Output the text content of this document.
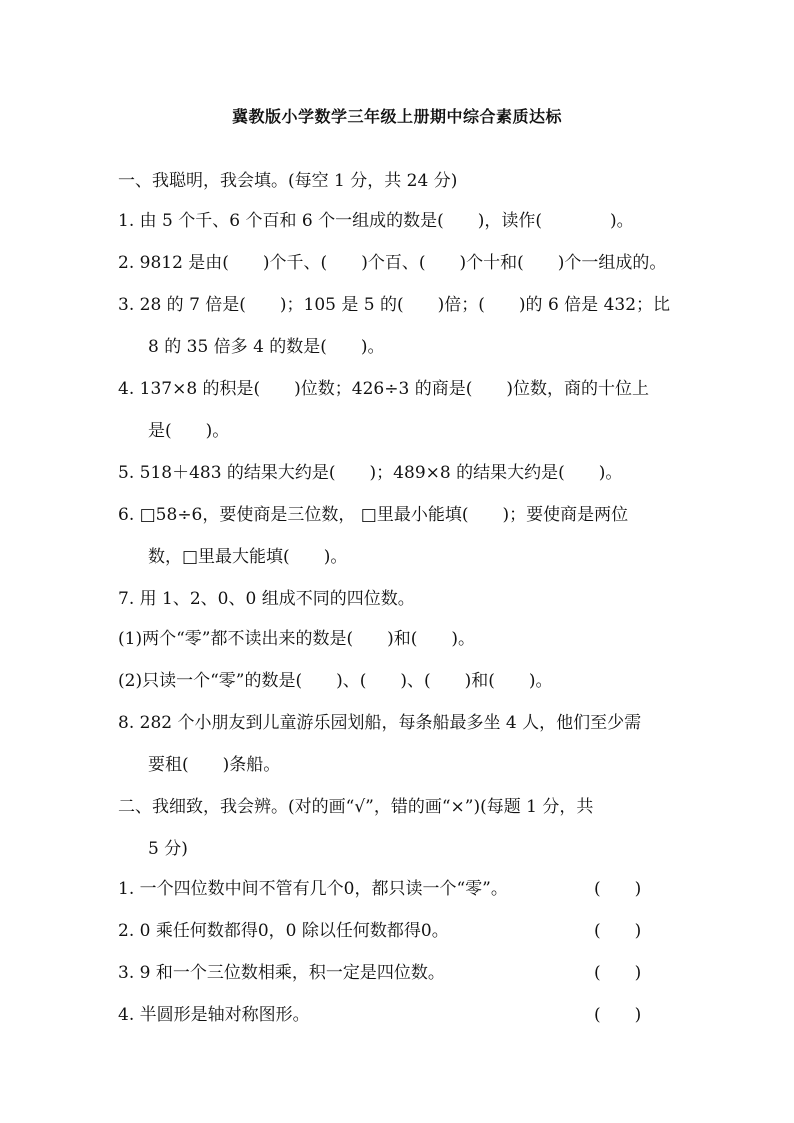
冀教版小学数学三年级上册期中综合素质达标
一、我聪明，我会填。(每空 1 分，共 24 分)
1. 由 5 个千、6 个百和 6 个一组成的数是(　　)，读作(　　　　)。
2. 9812 是由(　　)个千、(　　)个百、(　　)个十和(　　)个一组成的。
3. 28 的 7 倍是(　　)；105 是 5 的(　　)倍；(　　)的 6 倍是 432；比
8 的 35 倍多 4 的数是(　　)。
4. 137×8 的积是(　　)位数；426÷3 的商是(　　)位数，商的十位上
是(　　)。
5. 518＋483 的结果大约是(　　)；489×8 的结果大约是(　　)。
6. □58÷6，要使商是三位数， □里最小能填(　　)；要使商是两位
数，□里最大能填(　　)。
7. 用 1、2、0、0 组成不同的四位数。
(1)两个“零”都不读出来的数是(　　)和(　　)。
(2)只读一个“零”的数是(　　)、(　　)、(　　)和(　　)。
8. 282 个小朋友到儿童游乐园划船，每条船最多坐 4 人，他们至少需
要租(　　)条船。
二、我细致，我会辨。(对的画“√”，错的画“×”)(每题 1 分，共
5 分)
1. 一个四位数中间不管有几个0，都只读一个“零”。	(　　)
2. 0 乘任何数都得0，0 除以任何数都得0。	(　　)
3. 9 和一个三位数相乘，积一定是四位数。	(　　)
4. 半圆形是轴对称图形。	(　　)
